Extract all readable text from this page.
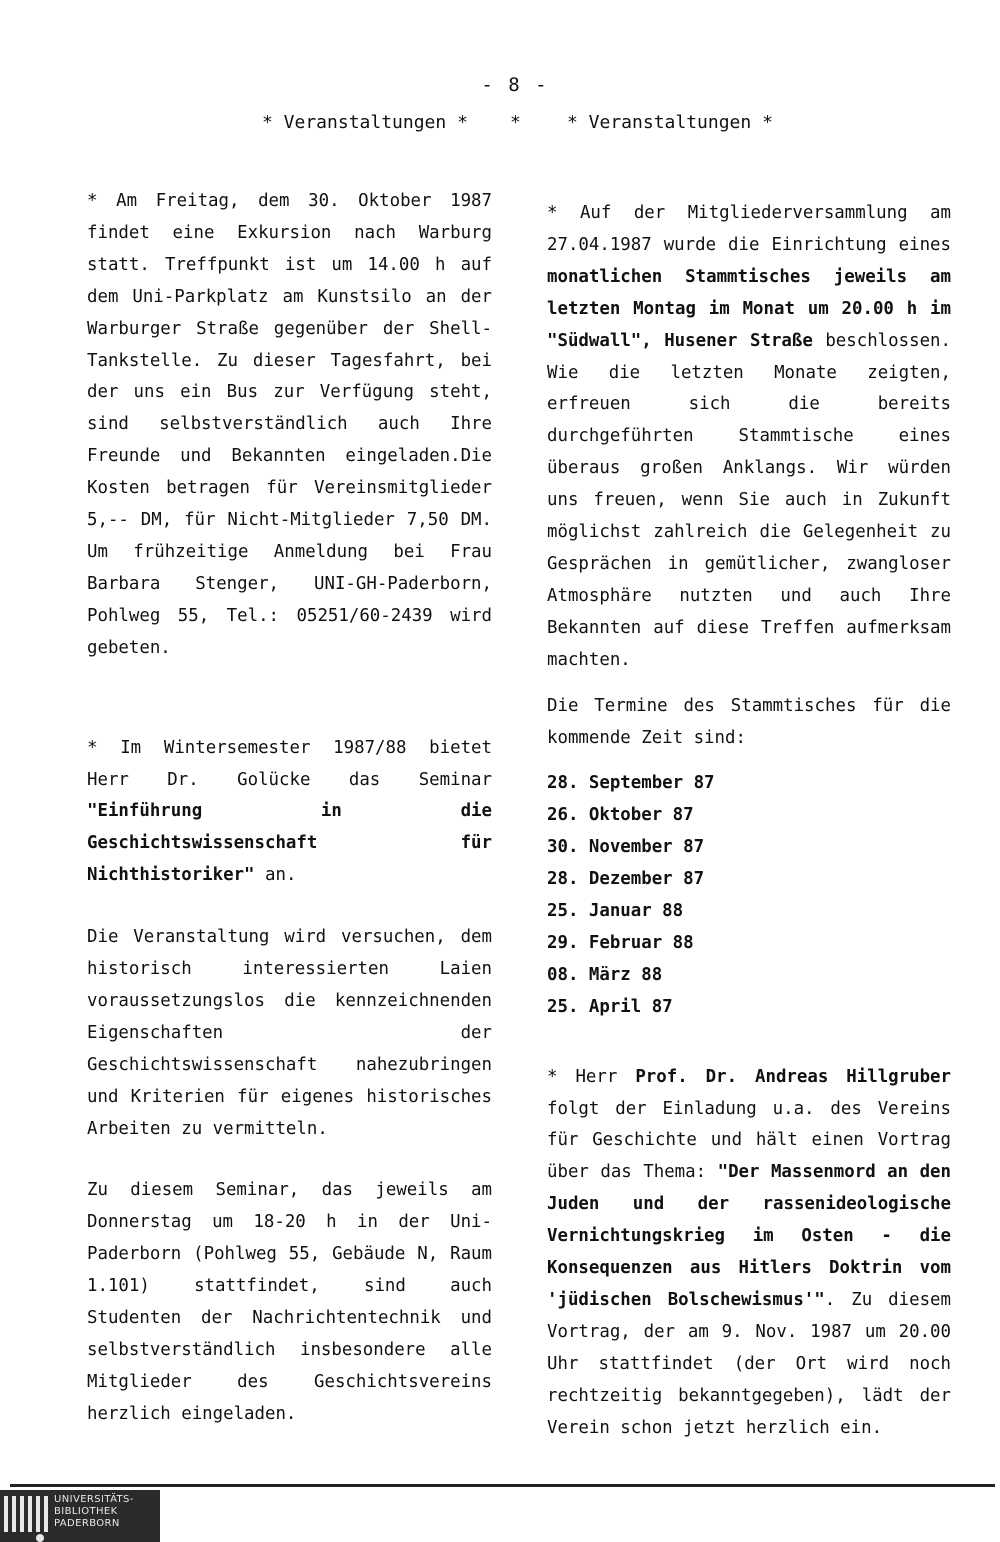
- 8 -
* Veranstaltungen * *	* Veranstaltungen *

* Am Freitag, dem 30. Oktober 1987 findet eine Exkursion nach Warburg statt. Treffpunkt ist um 14.00 h auf dem Uni-Parkplatz am Kunstsilo an der Warburger Straße gegenüber der Shell-Tankstelle. Zu dieser Tagesfahrt, bei der uns ein Bus zur Verfügung steht, sind selbstverständlich auch Ihre Freunde und Bekannten eingeladen.Die Kosten betragen für Vereinsmitglieder 5,-- DM, für Nicht-Mitglieder 7,50 DM. Um frühzeitige Anmeldung bei Frau Barbara Stenger, UNI-GH-Paderborn, Pohlweg 55, Tel.: 05251/60-2439 wird gebeten.

* Im Wintersemester 1987/88 bietet Herr Dr. Golücke das Seminar "Einführung in die Geschichtswissenschaft für Nichthistoriker" an.

Die Veranstaltung wird versuchen, dem historisch interessierten Laien voraussetzungslos die kennzeichnenden Eigenschaften der Geschichtswissenschaft nahezubringen und Kriterien für eigenes historisches Arbeiten zu vermitteln.

Zu diesem Seminar, das jeweils am Donnerstag um 18-20 h in der Uni-Paderborn (Pohlweg 55, Gebäude N, Raum 1.101) stattfindet, sind auch Studenten der Nachrichtentechnik und selbstverständlich insbesondere alle Mitglieder des Geschichtsvereins herzlich eingeladen.

* Auf der Mitgliederversammlung am 27.04.1987 wurde die Einrichtung eines monatlichen Stammtisches jeweils am letzten Montag im Monat um 20.00 h im "Südwall", Husener Straße beschlossen. Wie die letzten Monate zeigten, erfreuen sich die bereits durchgeführten Stammtische eines überaus großen Anklangs. Wir würden uns freuen, wenn Sie auch in Zukunft möglichst zahlreich die Gelegenheit zu Gesprächen in gemütlicher, zwangloser Atmosphäre nutzten und auch Ihre Bekannten auf diese Treffen aufmerksam machten.

Die Termine des Stammtisches für die kommende Zeit sind:

28. September 87
26. Oktober 87
30. November 87
28. Dezember 87
25. Januar 88
29. Februar 88
08. März 88
25. April 87

* Herr Prof. Dr. Andreas Hillgruber folgt der Einladung u.a. des Vereins für Geschichte und hält einen Vortrag über das Thema: "Der Massenmord an den Juden und der rassenideologische Vernichtungskrieg im Osten - die Konsequenzen aus Hitlers Doktrin vom 'jüdischen Bolschewismus'". Zu diesem Vortrag, der am 9. Nov. 1987 um 20.00 Uhr stattfindet (der Ort wird noch rechtzeitig bekanntgegeben), lädt der Verein schon jetzt herzlich ein.

UNIVERSITÄTS-
BIBLIOTHEK
PADERBORN
